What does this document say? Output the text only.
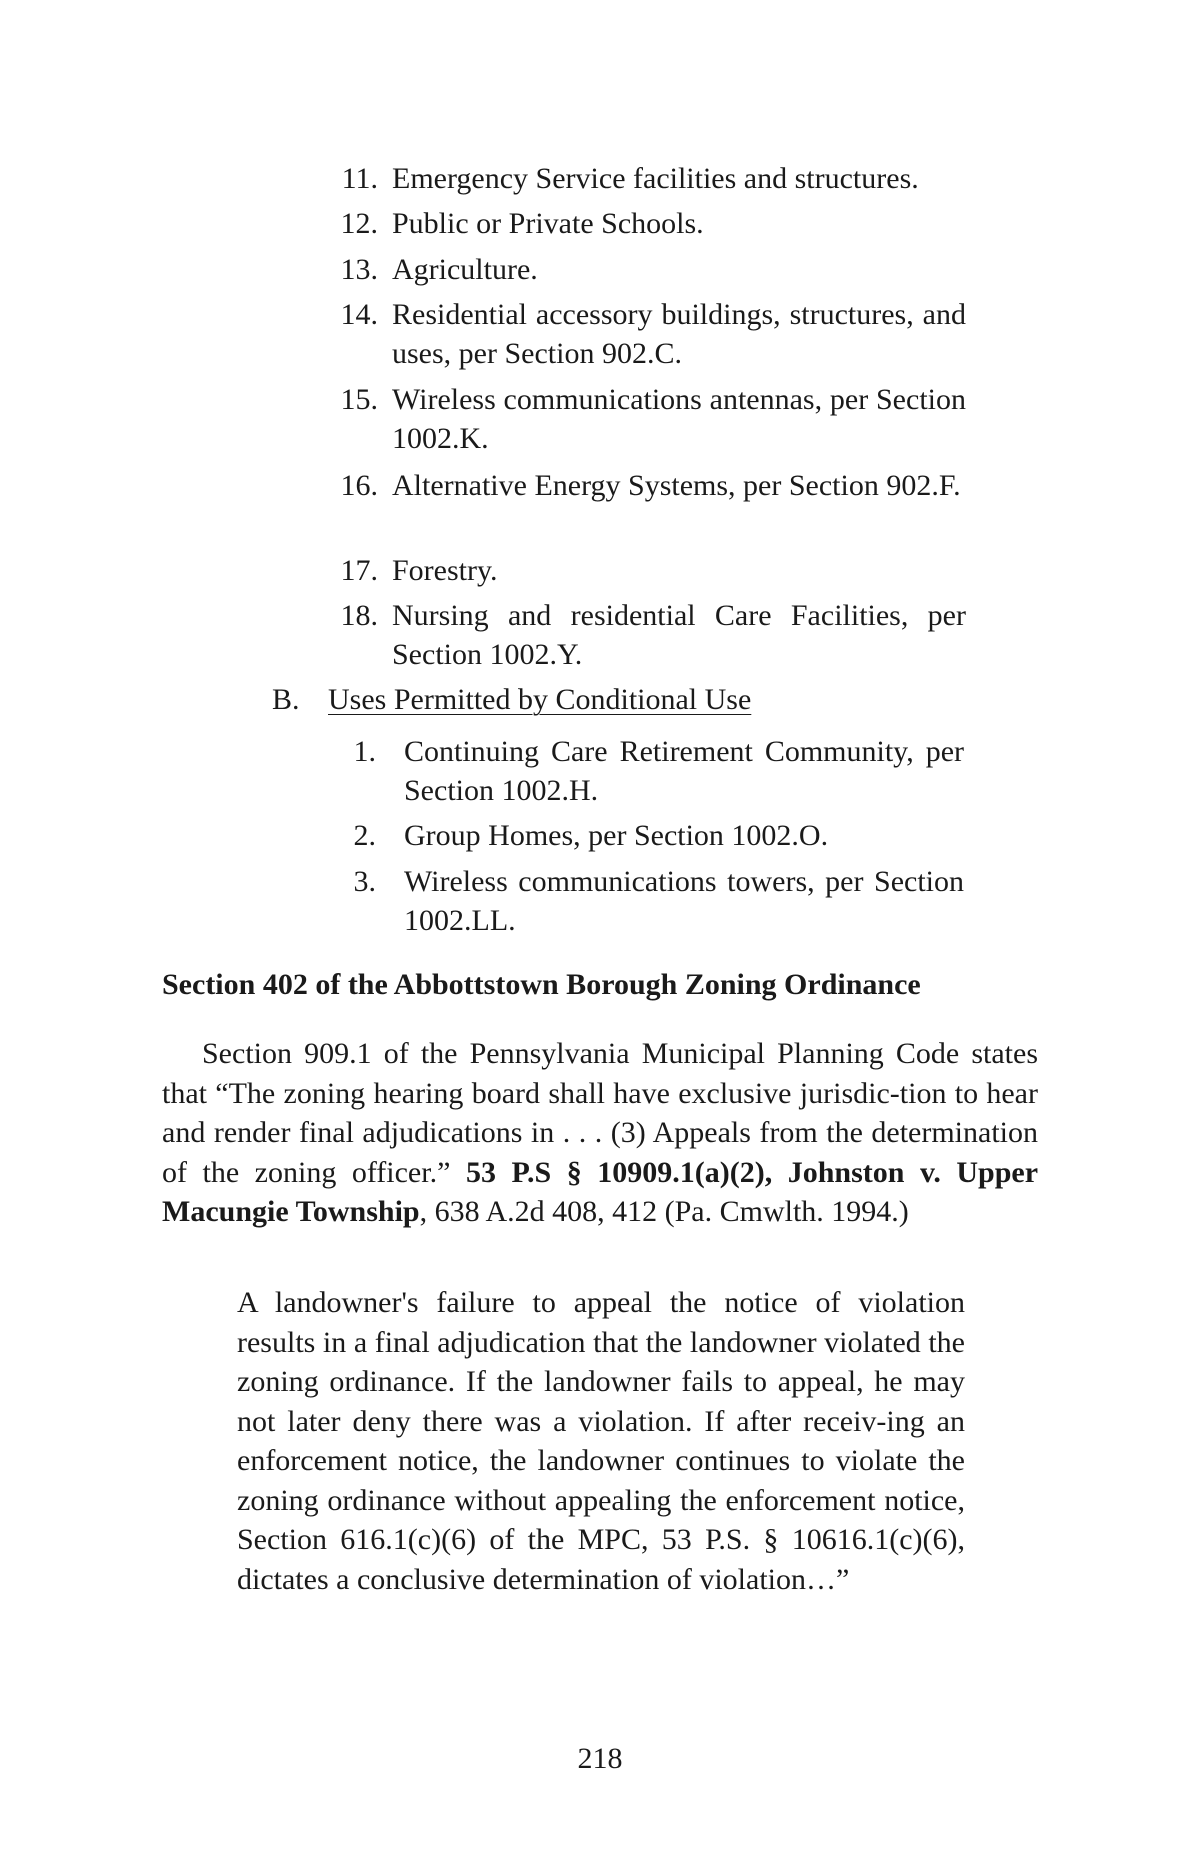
11. Emergency Service facilities and structures.
12. Public or Private Schools.
13. Agriculture.
14. Residential accessory buildings, structures, and uses, per Section 902.C.
15. Wireless communications antennas, per Section 1002.K.
16. Alternative Energy Systems, per Section 902.F.
17. Forestry.
18. Nursing and residential Care Facilities, per Section 1002.Y.
B. Uses Permitted by Conditional Use
1. Continuing Care Retirement Community, per Section 1002.H.
2. Group Homes, per Section 1002.O.
3. Wireless communications towers, per Section 1002.LL.
Section 402 of the Abbottstown Borough Zoning Ordinance
Section 909.1 of the Pennsylvania Municipal Planning Code states that “The zoning hearing board shall have exclusive jurisdic-tion to hear and render final adjudications in . . . (3) Appeals from the determination of the zoning officer.” 53 P.S § 10909.1(a)(2), Johnston v. Upper Macungie Township, 638 A.2d 408, 412 (Pa. Cmwlth. 1994.)
A landowner's failure to appeal the notice of violation results in a final adjudication that the landowner violated the zoning ordinance. If the landowner fails to appeal, he may not later deny there was a violation. If after receiv-ing an enforcement notice, the landowner continues to violate the zoning ordinance without appealing the enforcement notice, Section 616.1(c)(6) of the MPC, 53 P.S. § 10616.1(c)(6), dictates a conclusive determination of violation…”
218
